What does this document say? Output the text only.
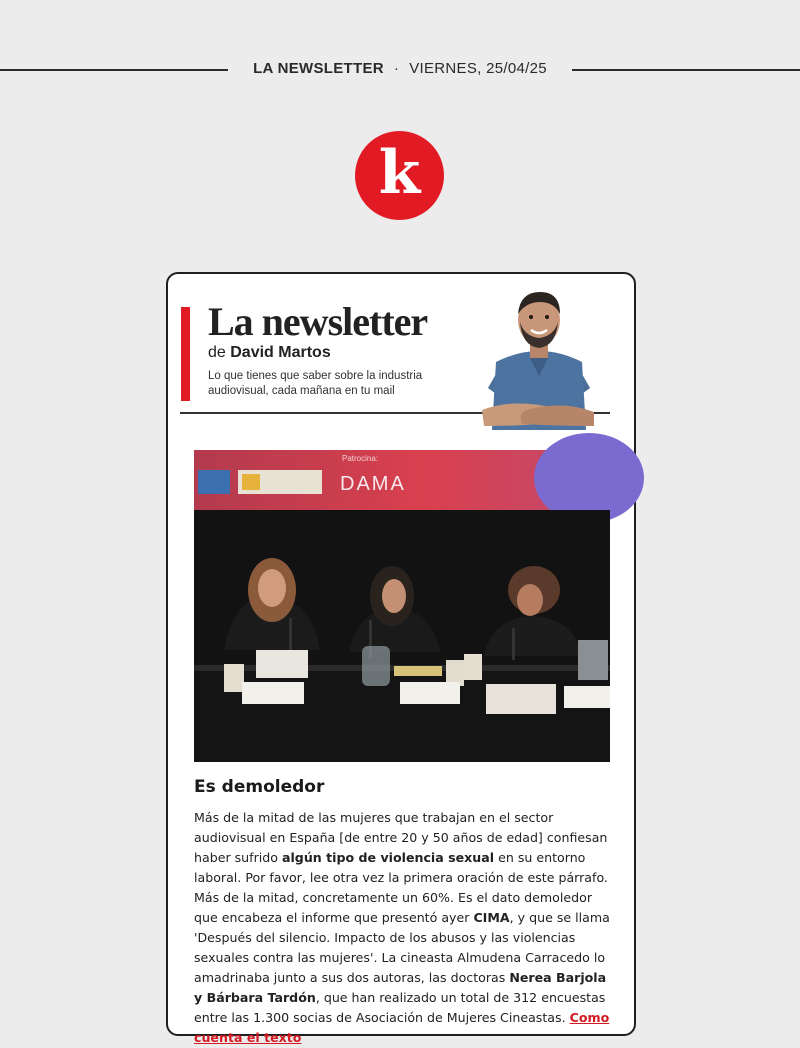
LA NEWSLETTER · VIERNES, 25/04/25
k
La newsletter
de David Martos
Lo que tienes que saber sobre la industria audiovisual, cada mañana en tu mail
Patrocina:
DAMA
Es demoledor
Más de la mitad de las mujeres que trabajan en el sector audiovisual en España [de entre 20 y 50 años de edad] confiesan haber sufrido algún tipo de violencia sexual en su entorno laboral. Por favor, lee otra vez la primera oración de este párrafo. Más de la mitad, concretamente un 60%. Es el dato demoledor que encabeza el informe que presentó ayer CIMA, y que se llama 'Después del silencio. Impacto de los abusos y las violencias sexuales contra las mujeres'. La cineasta Almudena Carracedo lo amadrinaba junto a sus dos autoras, las doctoras Nerea Barjola y Bárbara Tardón, que han realizado un total de 312 encuestas entre las 1.300 socias de Asociación de Mujeres Cineastas. Como cuenta el texto
